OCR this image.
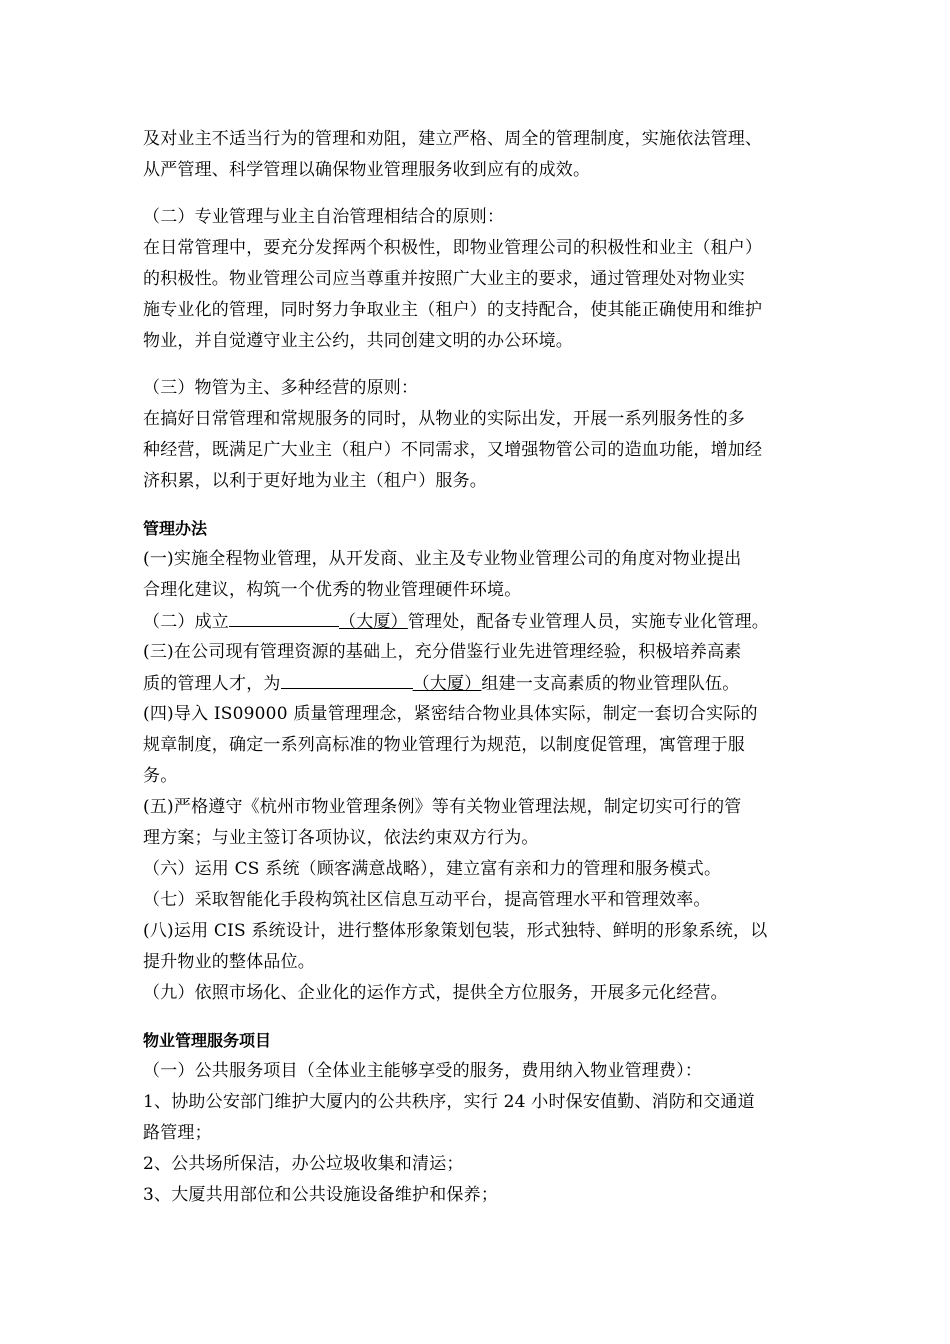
及对业主不适当行为的管理和劝阻，建立严格、周全的管理制度，实施依法管理、
从严管理、科学管理以确保物业管理服务收到应有的成效。
（二）专业管理与业主自治管理相结合的原则：
在日常管理中，要充分发挥两个积极性，即物业管理公司的积极性和业主（租户）
的积极性。物业管理公司应当尊重并按照广大业主的要求，通过管理处对物业实
施专业化的管理，同时努力争取业主（租户）的支持配合，使其能正确使用和维护
物业，并自觉遵守业主公约，共同创建文明的办公环境。
（三）物管为主、多种经营的原则：
在搞好日常管理和常规服务的同时，从物业的实际出发，开展一系列服务性的多
种经营，既满足广大业主（租户）不同需求，又增强物管公司的造血功能，增加经
济积累，以利于更好地为业主（租户）服务。
管理办法
(一)实施全程物业管理，从开发商、业主及专业物业管理公司的角度对物业提出
合理化建议，构筑一个优秀的物业管理硬件环境。
（二）成立	（大厦）管理处，配备专业管理人员，实施专业化管理。
(三)在公司现有管理资源的基础上，充分借鉴行业先进管理经验，积极培养高素
质的管理人才，为	（大厦）组建一支高素质的物业管理队伍。
(四)导入 IS09000 质量管理理念，紧密结合物业具体实际，制定一套切合实际的
规章制度，确定一系列高标准的物业管理行为规范，以制度促管理，寓管理于服
务。
(五)严格遵守《杭州市物业管理条例》等有关物业管理法规，制定切实可行的管
理方案；与业主签订各项协议，依法约束双方行为。
（六）运用 CS 系统（顾客满意战略），建立富有亲和力的管理和服务模式。
（七）采取智能化手段构筑社区信息互动平台，提高管理水平和管理效率。
(八)运用 CIS 系统设计，进行整体形象策划包装，形式独特、鲜明的形象系统，以
提升物业的整体品位。
（九）依照市场化、企业化的运作方式，提供全方位服务，开展多元化经营。
物业管理服务项目
（一）公共服务项目（全体业主能够享受的服务，费用纳入物业管理费）：
1、协助公安部门维护大厦内的公共秩序，实行 24 小时保安值勤、消防和交通道
路管理；
2、公共场所保洁，办公垃圾收集和清运；
3、大厦共用部位和公共设施设备维护和保养；
